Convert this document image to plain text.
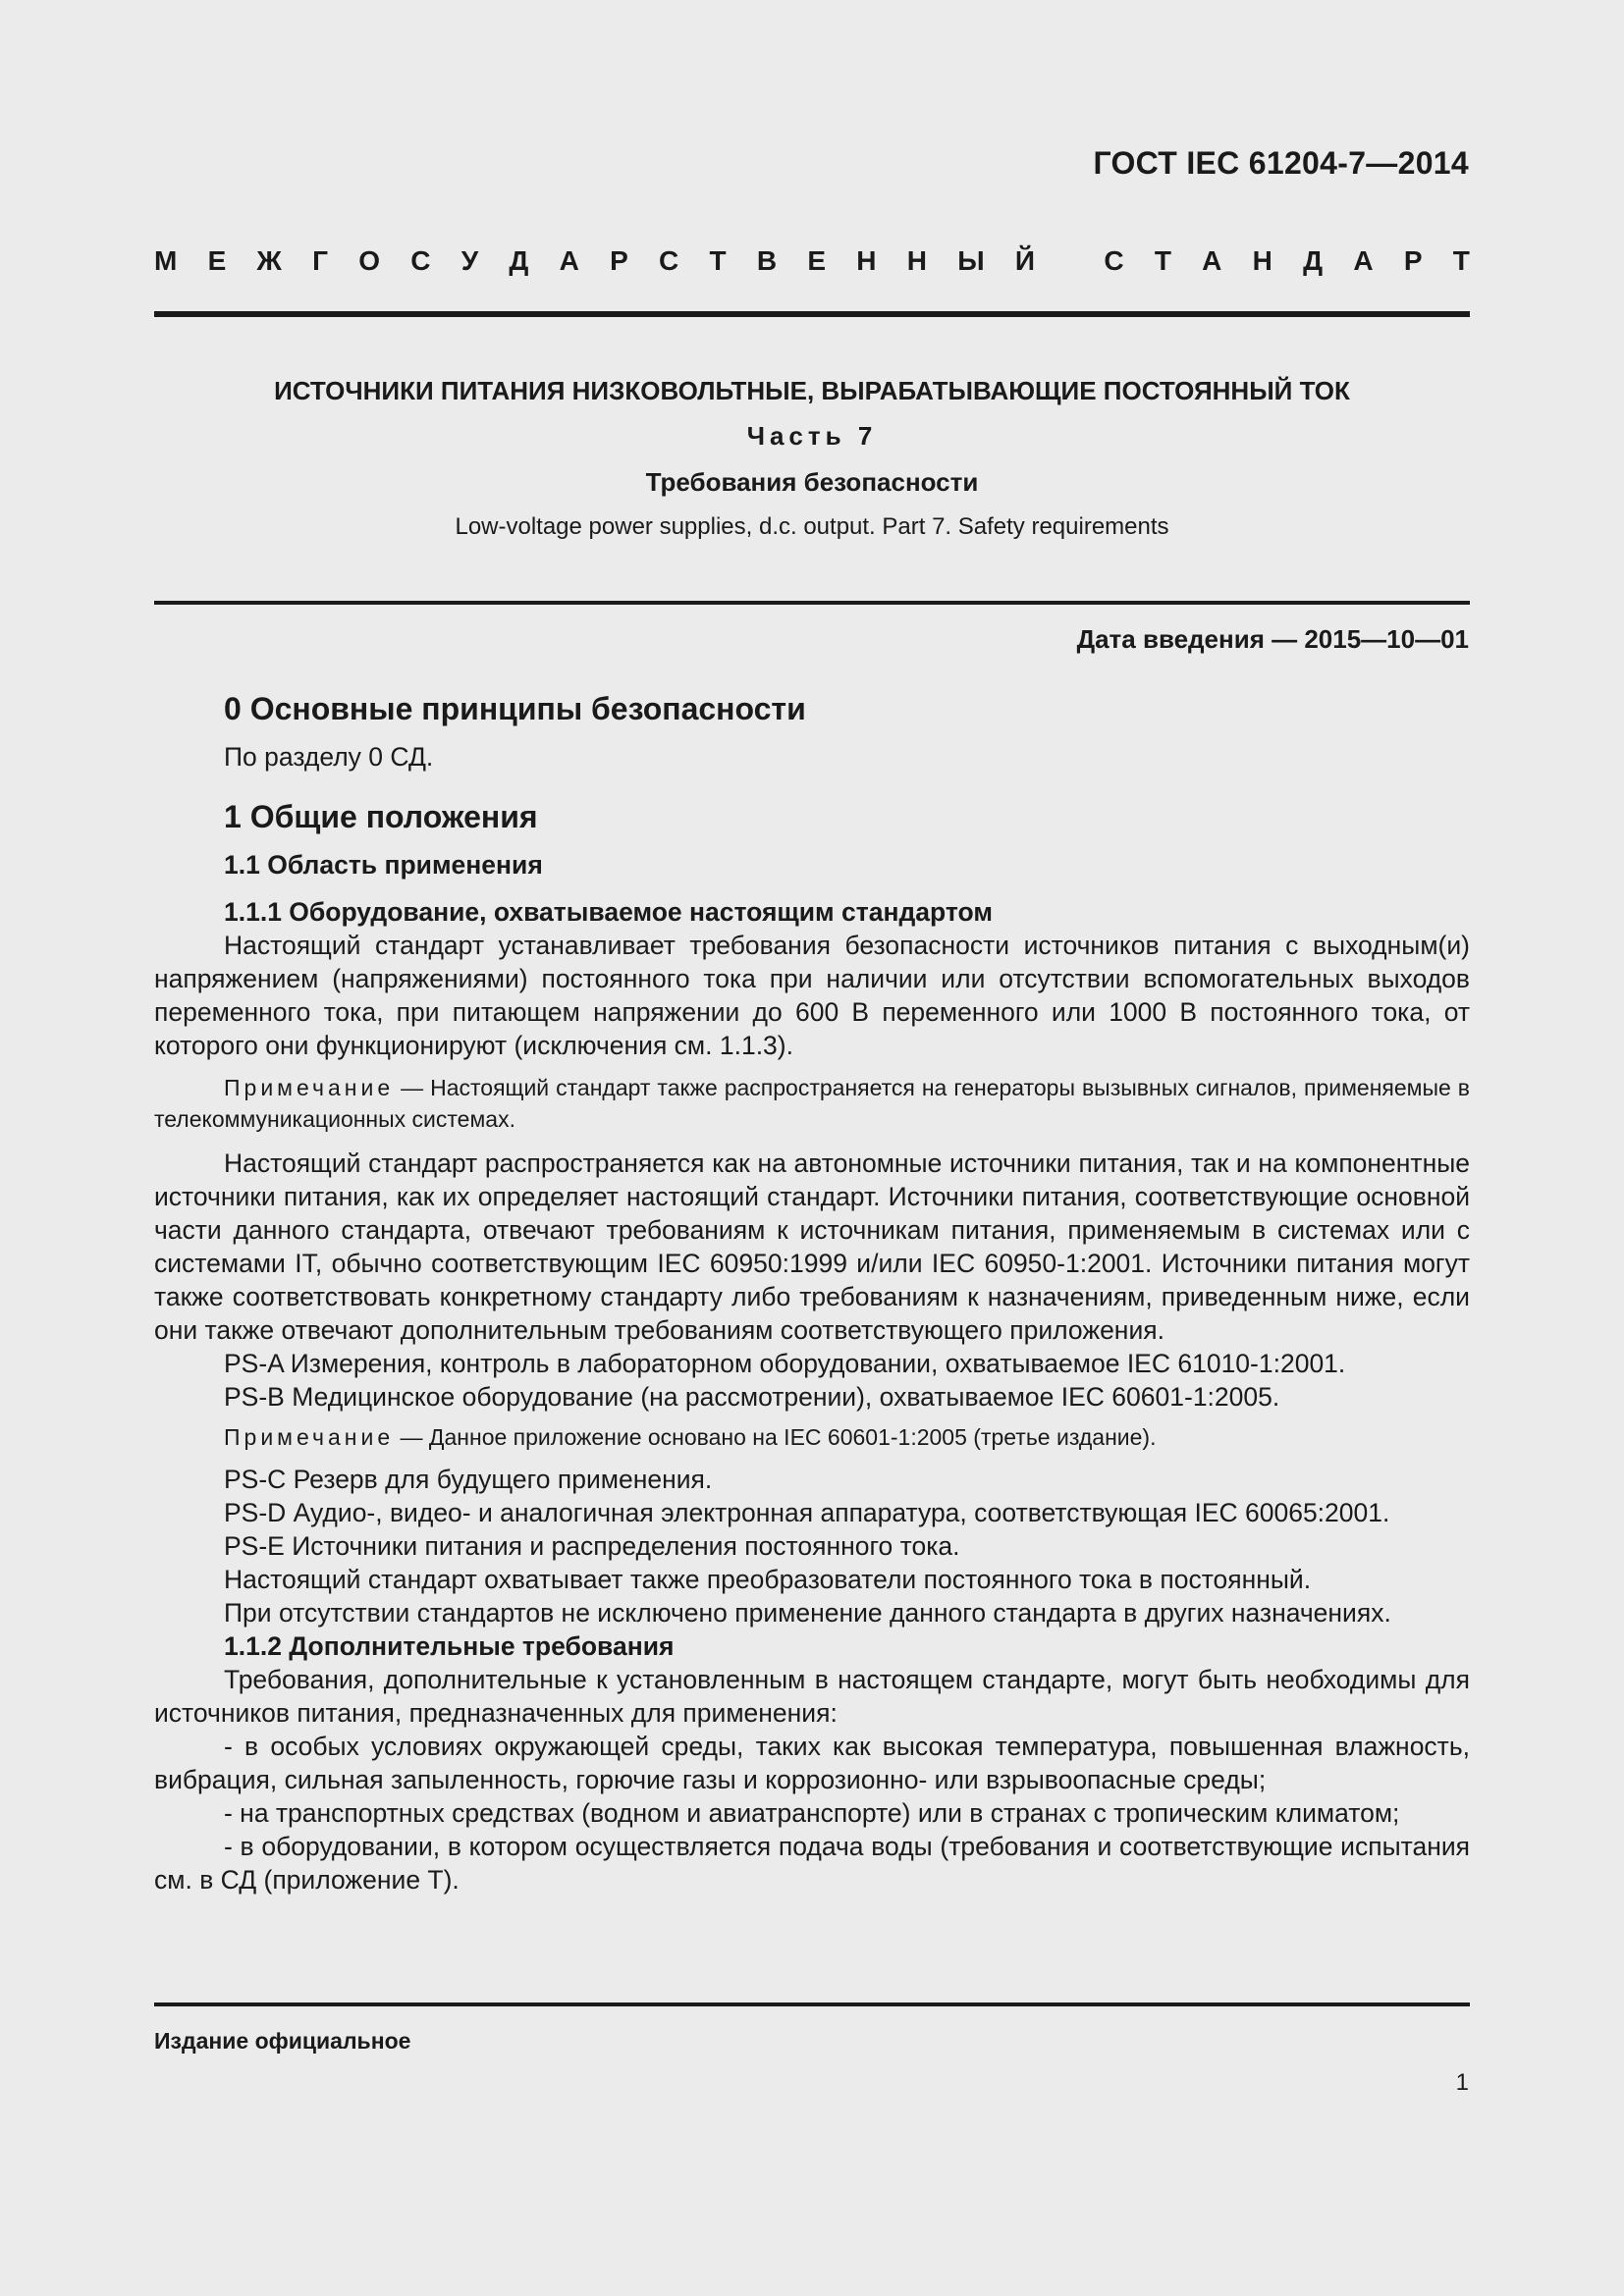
ГОСТ IEC 61204-7—2014
М Е Ж Г О С У Д А Р С Т В Е Н Н Ы Й
	С Т А Н Д А Р Т
ИСТОЧНИКИ ПИТАНИЯ НИЗКОВОЛЬТНЫЕ, ВЫРАБАТЫВАЮЩИЕ ПОСТОЯННЫЙ ТОК
Часть 7
Требования безопасности
Low-voltage power supplies, d.c. output. Part 7. Safety requirements
Дата введения — 2015—10—01

0 Основные принципы безопасности

По разделу 0 СД.

1 Общие положения

1.1 Область применения

1.1.1 Оборудование, охватываемое настоящим стандартом

Настоящий стандарт устанавливает требования безопасности источников питания с выходным(и) напряжением (напряжениями) постоянного тока при наличии или отсутствии вспомогательных выходов переменного тока, при питающем напряжении до 600 В переменного или 1000 В постоянного тока, от которого они функционируют (исключения см. 1.1.3).

Примечание — Настоящий стандарт также распространяется на генераторы вызывных сигналов, применяемые в телекоммуникационных системах.

Настоящий стандарт распространяется как на автономные источники питания, так и на компонентные источники питания, как их определяет настоящий стандарт. Источники питания, соответствующие основной части данного стандарта, отвечают требованиям к источникам питания, применяемым в системах или с системами IT, обычно соответствующим IEC 60950:1999 и/или IEC 60950-1:2001. Источники питания могут также соответствовать конкретному стандарту либо требованиям к назначениям, приведенным ниже, если они также отвечают дополнительным требованиям соответствующего приложения.

PS-A Измерения, контроль в лабораторном оборудовании, охватываемое IEC 61010-1:2001.

PS-B Медицинское оборудование (на рассмотрении), охватываемое IEC 60601-1:2005.

Примечание — Данное приложение основано на IEC 60601-1:2005 (третье издание).

PS-C Резерв для будущего применения.

PS-D Аудио-, видео- и аналогичная электронная аппаратура, соответствующая IEC 60065:2001.

PS-E Источники питания и распределения постоянного тока.

Настоящий стандарт охватывает также преобразователи постоянного тока в постоянный.

При отсутствии стандартов не исключено применение данного стандарта в других назначениях.

1.1.2 Дополнительные требования

Требования, дополнительные к установленным в настоящем стандарте, могут быть необходимы для источников питания, предназначенных для применения:

- в особых условиях окружающей среды, таких как высокая температура, повышенная влажность, вибрация, сильная запыленность, горючие газы и коррозионно- или взрывоопасные среды;

- на транспортных средствах (водном и авиатранспорте) или в странах с тропическим климатом;

- в оборудовании, в котором осуществляется подача воды (требования и соответствующие испытания см. в СД (приложение Т).

Издание официальное
1
